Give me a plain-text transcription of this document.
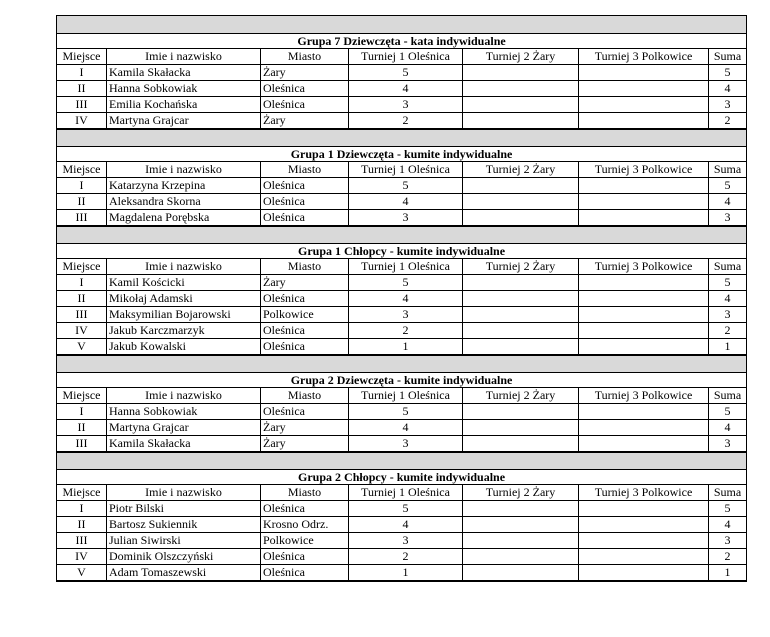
Grupa 7 Dziewczęta - kata indywidualne						
Miejsce	Imie i nazwisko	Miasto	Turniej 1 Oleśnica	Turniej 2 Żary	Turniej 3 Polkowice	Suma
I	Kamila Skałacka	Żary	5			5
II	Hanna Sobkowiak	Oleśnica	4			4
III	Emilia Kochańska	Oleśnica	3			3
IV	Martyna Grajcar	Żary	2			2

Grupa 1 Dziewczęta - kumite indywidualne						
Miejsce	Imie i nazwisko	Miasto	Turniej 1 Oleśnica	Turniej 2 Żary	Turniej 3 Polkowice	Suma
I	Katarzyna Krzepina	Oleśnica	5			5
II	Aleksandra Skorna	Oleśnica	4			4
III	Magdalena Porębska	Oleśnica	3			3

Grupa 1 Chłopcy - kumite indywidualne						
Miejsce	Imie i nazwisko	Miasto	Turniej 1 Oleśnica	Turniej 2 Żary	Turniej 3 Polkowice	Suma
I	Kamil Kościcki	Żary	5			5
II	Mikołaj Adamski	Oleśnica	4			4
III	Maksymilian Bojarowski	Polkowice	3			3
IV	Jakub Karczmarzyk	Oleśnica	2			2
V	Jakub Kowalski	Oleśnica	1			1

Grupa 2 Dziewczęta - kumite indywidualne						
Miejsce	Imie i nazwisko	Miasto	Turniej 1 Oleśnica	Turniej 2 Żary	Turniej 3 Polkowice	Suma
I	Hanna Sobkowiak	Oleśnica	5			5
II	Martyna Grajcar	Żary	4			4
III	Kamila Skałacka	Żary	3			3

Grupa 2 Chłopcy - kumite indywidualne						
Miejsce	Imie i nazwisko	Miasto	Turniej 1 Oleśnica	Turniej 2 Żary	Turniej 3 Polkowice	Suma
I	Piotr Bilski	Oleśnica	5			5
II	Bartosz Sukiennik	Krosno Odrz.	4			4
III	Julian Siwirski	Polkowice	3			3
IV	Dominik Olszczyński	Oleśnica	2			2
V	Adam Tomaszewski	Oleśnica	1			1
